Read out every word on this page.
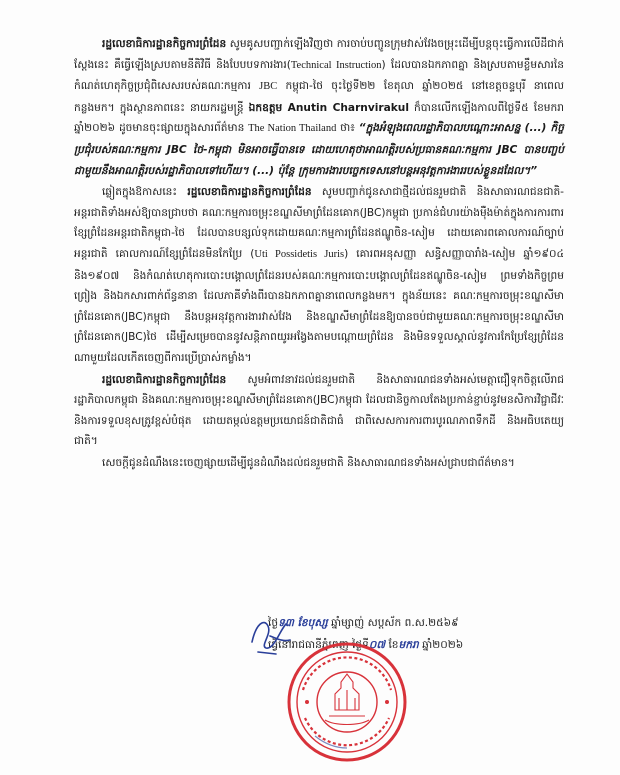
រដ្ឋលេខាធិការដ្ឋានកិច្ចការព្រំដែន សូមគូសបញ្ជាក់ឡើងវិញថា ការចាប់បញ្ចូនក្រុមវាស់វែងចម្រុះដើម្បីបន្តចុះធ្វើការលើដីជាក់ស្តែងនេះ គឺធ្វើឡើងស្របតាមនីតិវិធី និងបែបបទការងារ(Technical Instruction) ដែលបានឯកភាពគ្នា និងស្របតាមខ្លឹមសារនៃកំណត់ហេតុកិច្ចប្រជុំពិសេសរបស់គណៈកម្មការ JBC កម្ពុជា-ថៃ ចុះថ្ងៃទី២២ ខែតុលា ឆ្នាំ២០២៥ នៅខេត្តចន្ទបុរី នាពេលកន្លងមក។ ក្នុងស្ថានភាពនេះ នាយករដ្ឋមន្ត្រី ឯកឧត្តម Anutin Charnvirakul ក៏បានលើកឡើងកាលពីថ្ងៃទី៥ ខែមករា ឆ្នាំ២០២៦ ដូចមានចុះផ្សាយក្នុងសារព័ត៌មាន The Nation Thailand ថា៖ “ក្នុងអំឡុងពេលរដ្ឋាភិបាលបណ្តោះអាសន្ន (...) កិច្ចប្រជុំរបស់គណៈកម្មការ JBC ថៃ-កម្ពុជា មិនអាចធ្វើបានទេ ដោយហេតុថាអាណត្តិរបស់ប្រធានគណៈកម្មការ JBC បានបញ្ចប់ជាមួយនឹងអាណត្តិរបស់រដ្ឋាភិបាលទៅហើយ។ (...) ប៉ុន្តែ ក្រុមការងារបច្ចេកទេសនៅបន្តអនុវត្តការងាររបស់ខ្លួនដដែល។”

ឆ្លៀតក្នុងឱកាសនេះ រដ្ឋលេខាធិការដ្ឋានកិច្ចការព្រំដែន សូមបញ្ជាក់ជូនសាជាថ្មីដល់ជនរួមជាតិ និងសាធារណជនជាតិ-អន្តរជាតិទាំងអស់ឱ្យបានជ្រាបថា គណៈកម្មការចម្រុះខណ្ឌសីមាព្រំដែនគោក(JBC)កម្ពុជា ប្រកាន់ជំហរយ៉ាងម៉ឺងម៉ាត់ក្នុងការការពារខ្សែព្រំដែនអន្តរជាតិកម្ពុជា-ថៃ ដែលបានបន្សល់ទុកដោយគណៈកម្មការព្រំដែនឥណ្ឌូចិន-សៀម ដោយគោរពគោលការណ៍ច្បាប់អន្តរជាតិ គោលការណ៍ខ្សែព្រំដែនមិនកែប្រែ (Uti Possidetis Juris) គោរពអនុសញ្ញា សន្ធិសញ្ញាបារាំង-សៀម ឆ្នាំ១៩០៤ និង១៩០៧ និងកំណត់ហេតុការបោះបង្គោលព្រំដែនរបស់គណៈកម្មការបោះបង្គោលព្រំដែនឥណ្ឌូចិន-សៀម ព្រមទាំងកិច្ចព្រមព្រៀង និងឯកសារពាក់ព័ន្ធនានា ដែលភាគីទាំងពីរបានឯកភាពគ្នានាពេលកន្លងមក។ ក្នុងន័យនេះ គណៈកម្មការចម្រុះខណ្ឌសីមាព្រំដែនគោក(JBC)កម្ពុជា នឹងបន្តអនុវត្តការងារវាស់វែង និងខណ្ឌសីមាព្រំដែនឱ្យបានចប់ជាមួយគណៈកម្មការចម្រុះខណ្ឌសីមាព្រំដែនគោក(JBC)ថៃ ដើម្បីសម្រេចបាននូវសន្តិភាពយូរអង្វែងតាមបណ្តោយព្រំដែន និងមិនទទួលស្គាល់នូវការកែប្រែខ្សែព្រំដែនណាមួយដែលកើតចេញពីការប្រើប្រាស់កម្លាំង។

រដ្ឋលេខាធិការដ្ឋានកិច្ចការព្រំដែន សូមអំពាវនាវដល់ជនរួមជាតិ និងសាធារណជនទាំងអស់មេត្តាជឿទុកចិត្តលើរាជរដ្ឋាភិបាលកម្ពុជា និងគណៈកម្មការចម្រុះខណ្ឌសីមាព្រំដែនគោក(JBC)កម្ពុជា ដែលជានិច្ចកាលតែងប្រកាន់ខ្ជាប់នូវមនសិការវិជ្ជាជីវៈ និងការទទួលខុសត្រូវខ្ពស់បំផុត ដោយតម្កល់ឧត្តមប្រយោជន៍ជាតិជាធំ ជាពិសេសការការពារបូរណភាពទឹកដី និងអធិបតេយ្យជាតិ។

សេចក្តីជូនដំណឹងនេះចេញផ្សាយដើម្បីជូនដំណឹងដល់ជនរួមជាតិ និងសាធារណជនទាំងអស់ជ្រាបជាព័ត៌មាន។

ថ្ងៃទ៣ ខែបុស្ស ឆ្នាំម្សាញ់ សប្តស័ក ព.ស.២៥៦៩
ធ្វើនៅរាជធានីភ្នំពេញ ថ្ងៃទី០៧ ខែមករា ឆ្នាំ២០២៦
